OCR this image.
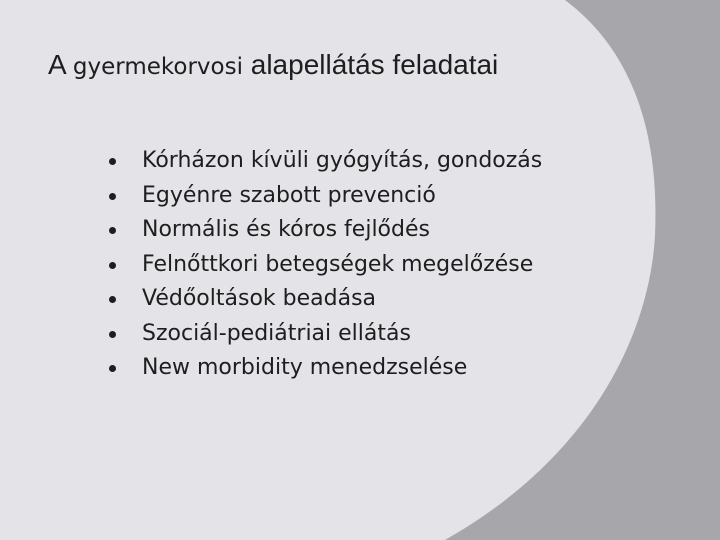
A gyermekorvosi alapellátás feladatai
Kórházon kívüli gyógyítás, gondozás
Egyénre szabott prevenció
Normális és kóros fejlődés
Felnőttkori betegségek megelőzése
Védőoltások beadása
Szociál-pediátriai ellátás
New morbidity menedzselése
